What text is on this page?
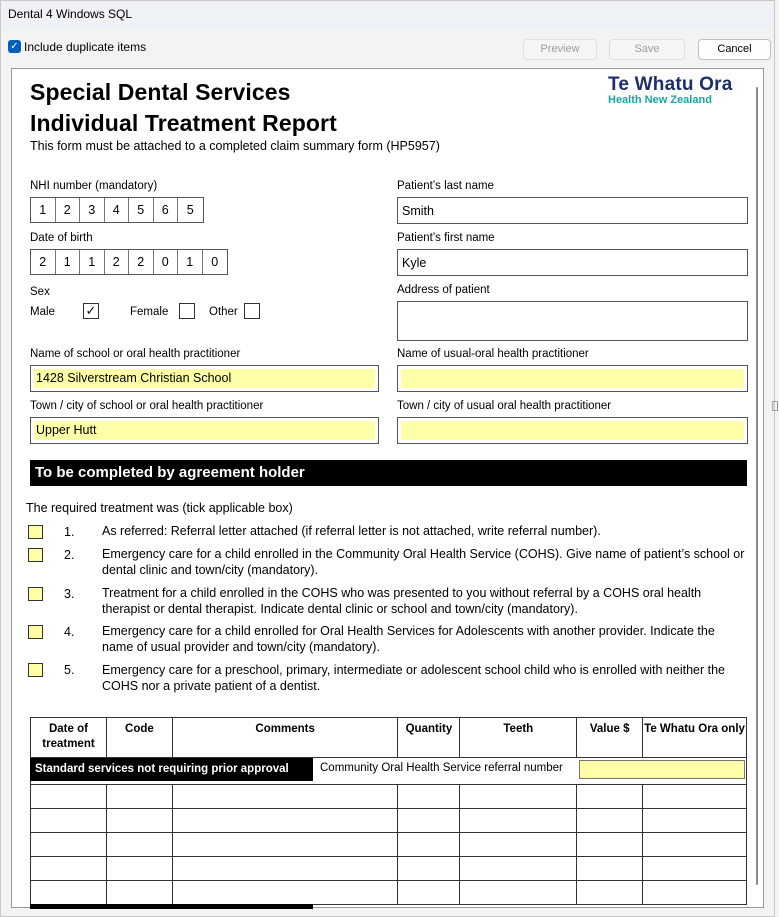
Dental 4 Windows SQL
✓ Include duplicate items	Preview	Save	Cancel
Special Dental Services
Individual Treatment Report
This form must be attached to a completed claim summary form (HP5957)
Te Whatu Ora
Health New Zealand
NHI number (mandatory)
1	2	3	4	5	6	5
Date of birth
2	1	1	2	2	0	1	0
Sex
Male ✓	Female	Other
Patient’s last name
Smith
Patient’s first name
Kyle
Address of patient
Name of school or oral health practitioner
1428 Silverstream Christian School
Name of usual-oral health practitioner
Town / city of school or oral health practitioner
Upper Hutt
Town / city of usual oral health practitioner
To be completed by agreement holder
The required treatment was (tick applicable box)
1. As referred: Referral letter attached (if referral letter is not attached, write referral number).
2. Emergency care for a child enrolled in the Community Oral Health Service (COHS). Give name of patient’s school or dental clinic and town/city (mandatory).
3. Treatment for a child enrolled in the COHS who was presented to you without referral by a COHS oral health therapist or dental therapist. Indicate dental clinic or school and town/city (mandatory).
4. Emergency care for a child enrolled for Oral Health Services for Adolescents with another provider. Indicate the name of usual provider and town/city (mandatory).
5. Emergency care for a preschool, primary, intermediate or adolescent school child who is enrolled with neither the COHS nor a private patient of a dentist.
Date of treatment	Code	Comments	Quantity	Teeth	Value $	Te Whatu Ora only

Standard services not requiring prior approval	Community Oral Health Service referral number
⌷
